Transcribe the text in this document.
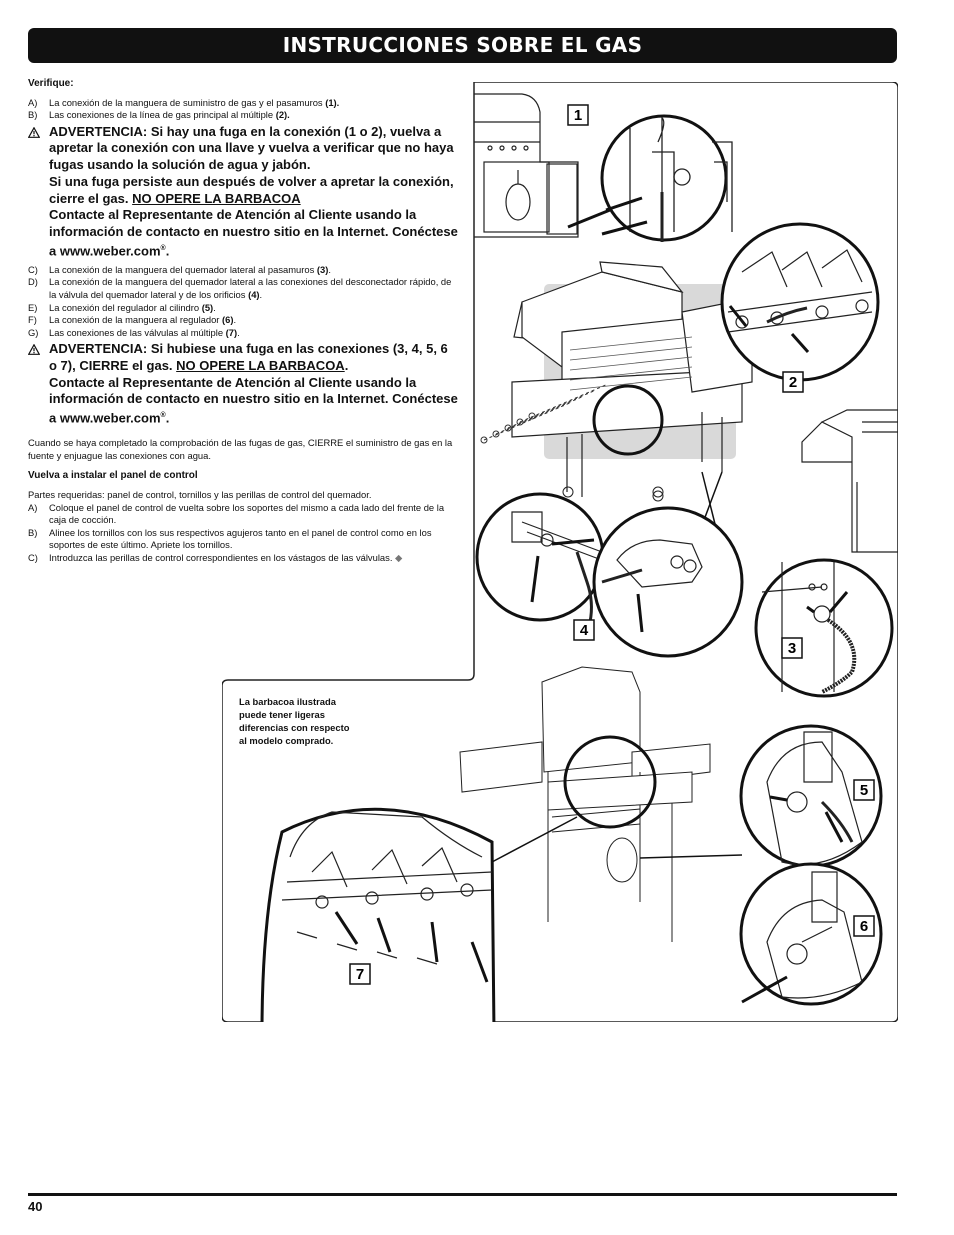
INSTRUCCIONES SOBRE EL GAS

Verifique:

A)	La conexión de la manguera de suministro de gas y el pasamuros (1).
B)	Las conexiones de la línea de gas principal al múltiple (2).
ADVERTENCIA: Si hay una fuga en la conexión (1 o 2), vuelva a apretar la conexión con una llave y vuelva a verificar que no haya fugas usando la solución de agua y jabón.
Si una fuga persiste aun después de volver a apretar la conexión, cierre el gas. NO OPERE LA BARBACOA
Contacte al Representante de Atención al Cliente usando la información de contacto en nuestro sitio en la Internet. Conéctese a www.weber.com®.
C)	La conexión de la manguera del quemador lateral al pasamuros (3).
D)	La conexión de la manguera del quemador lateral a las conexiones del desconectador rápido, de la válvula del quemador lateral y de los orificios (4).
E)	La conexión del regulador al cilindro (5).
F)	La conexión de la manguera al regulador (6).
G)	Las conexiones de las válvulas al múltiple (7).
ADVERTENCIA: Si hubiese una fuga en las conexiones (3, 4, 5, 6 o 7), CIERRE el gas. NO OPERE LA BARBACOA.
Contacte al Representante de Atención al Cliente usando la información de contacto en nuestro sitio en la Internet. Conéctese a www.weber.com®.

Cuando se haya completado la comprobación de las fugas de gas, CIERRE el suministro de gas en la fuente y enjuague las conexiones con agua.

Vuelva a instalar el panel de control

Partes requeridas: panel de control, tornillos y las perillas de control del quemador.

A)	Coloque el panel de control de vuelta sobre los soportes del mismo a cada lado del frente de la caja de cocción.
B)	Alinee los tornillos con los sus respectivos agujeros tanto en el panel de control como en los soportes de este último. Apriete los tornillos.
C)	Introduzca las perillas de control correspondientes en los vástagos de las válvulas. ◆
1
2
4
3
7
5
6

La barbacoa ilustrada

puede tener ligeras

diferencias con respecto

al modelo comprado.

40
